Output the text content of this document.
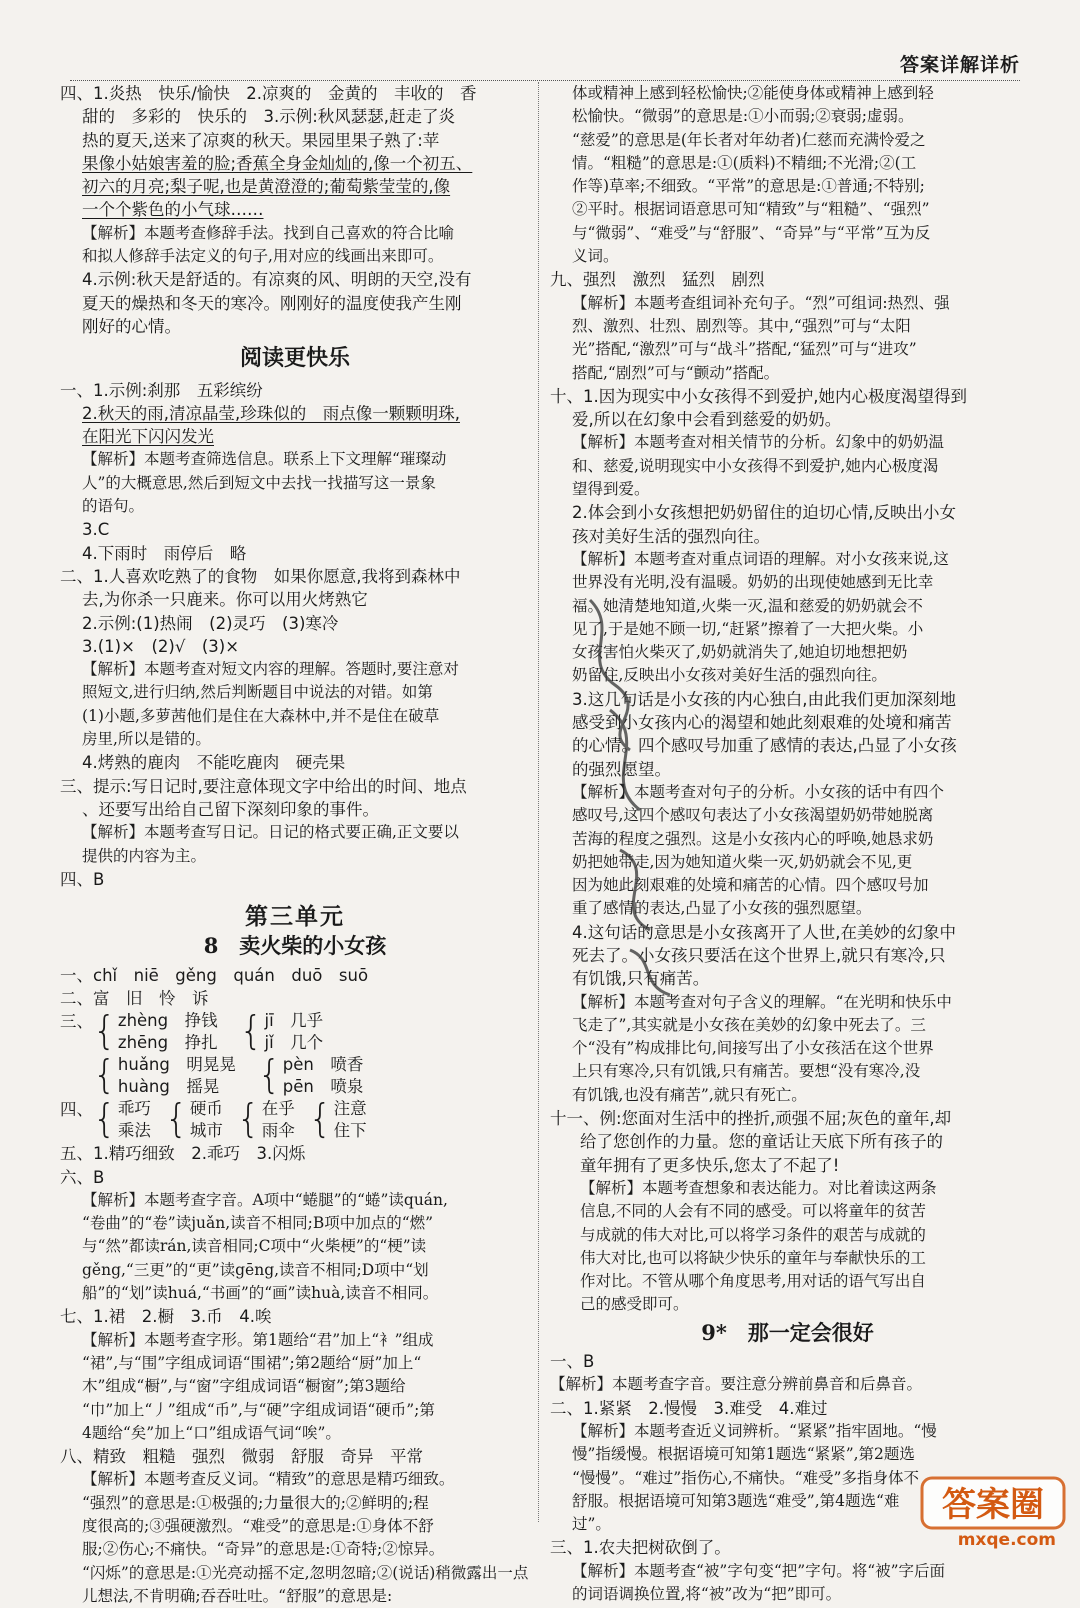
答案详解详析
四、1.炎热　快乐/愉快　2.凉爽的　金黄的　丰收的　香
甜的　多彩的　快乐的　3.示例:秋风瑟瑟,赶走了炎
热的夏天,送来了凉爽的秋天。果园里果子熟了:苹
果像小姑娘害羞的脸;香蕉全身金灿灿的,像一个初五、
初六的月亮;梨子呢,也是黄澄澄的;葡萄紫莹莹的,像
一个个紫色的小气球……
【解析】本题考查修辞手法。找到自己喜欢的符合比喻
和拟人修辞手法定义的句子,用对应的线画出来即可。
4.示例:秋天是舒适的。有凉爽的风、明朗的天空,没有
夏天的燥热和冬天的寒冷。刚刚好的温度使我产生刚
刚好的心情。
阅读更快乐
一、1.示例:刹那　五彩缤纷
2.秋天的雨,清凉晶莹,珍珠似的　雨点像一颗颗明珠,
在阳光下闪闪发光
【解析】本题考查筛选信息。联系上下文理解“璀璨动
人”的大概意思,然后到短文中去找一找描写这一景象
的语句。
3.C
4.下雨时　雨停后　略
二、1.人喜欢吃熟了的食物　如果你愿意,我将到森林中
去,为你杀一只鹿来。你可以用火烤熟它
2.示例:(1)热闹　(2)灵巧　(3)寒冷
3.(1)×　(2)√　(3)×
【解析】本题考查对短文内容的理解。答题时,要注意对
照短文,进行归纳,然后判断题目中说法的对错。如第
(1)小题,多萝茜他们是住在大森林中,并不是住在破草
房里,所以是错的。
4.烤熟的鹿肉　不能吃鹿肉　硬壳果
三、提示:写日记时,要注意体现文字中给出的时间、地点
、还要写出给自己留下深刻印象的事件。
【解析】本题考查写日记。日记的格式要正确,正文要以
提供的内容为主。
四、B
第三单元
8　卖火柴的小女孩
一、chǐ　niē　gěng　quán　duō　suō
二、富　旧　怜　诉
三、 { zhèng　挣钱
zhēng　挣扎 { jī　几乎
jǐ　几个
{ huǎng　明晃晃
huàng　摇晃	{ pèn　喷香
pēn　喷泉
四、 { 乖巧
乘法 { 硬币
城市 { 在乎
雨伞 { 注意
住下
五、1.精巧细致　2.乖巧　3.闪烁
六、B
【解析】本题考查字音。A项中“蜷腿”的“蜷”读quán,
“卷曲”的“卷”读juǎn,读音不相同;B项中加点的“燃”
与“然”都读rán,读音相同;C项中“火柴梗”的“梗”读
gěng,“三更”的“更”读gēng,读音不相同;D项中“划
船”的“划”读huá,“书画”的“画”读huà,读音不相同。
七、1.裙　2.橱　3.币　4.唉
【解析】本题考查字形。第1题给“君”加上“衤”组成
“裙”,与“围”字组成词语“围裙”;第2题给“厨”加上“
木”组成“橱”,与“窗”字组成词语“橱窗”;第3题给
“巾”加上“丿”组成“币”,与“硬”字组成词语“硬币”;第
4题给“矣”加上“口”组成语气词“唉”。
八、精致　粗糙　强烈　微弱　舒服　奇异　平常
【解析】本题考查反义词。“精致”的意思是精巧细致。
“强烈”的意思是:①极强的;力量很大的;②鲜明的;程
度很高的;③强硬激烈。“难受”的意思是:①身体不舒
服;②伤心;不痛快。“奇异”的意思是:①奇特;②惊异。
“闪烁”的意思是:①光亮动摇不定,忽明忽暗;②(说话)稍微露出一点
儿想法,不肯明确;吞吞吐吐。“舒服”的意思是:
体或精神上感到轻松愉快;②能使身体或精神上感到轻
松愉快。“微弱”的意思是:①小而弱;②衰弱;虚弱。
“慈爱”的意思是(年长者对年幼者)仁慈而充满怜爱之
情。“粗糙”的意思是:①(质料)不精细;不光滑;②(工
作等)草率;不细致。“平常”的意思是:①普通;不特别;
②平时。根据词语意思可知“精致”与“粗糙”、“强烈”
与“微弱”、“难受”与“舒服”、“奇异”与“平常”互为反
义词。
九、强烈　激烈　猛烈　剧烈
【解析】本题考查组词补充句子。“烈”可组词:热烈、强
烈、激烈、壮烈、剧烈等。其中,“强烈”可与“太阳
光”搭配,“激烈”可与“战斗”搭配,“猛烈”可与“进攻”
搭配,“剧烈”可与“颤动”搭配。
十、1.因为现实中小女孩得不到爱护,她内心极度渴望得到
爱,所以在幻象中会看到慈爱的奶奶。
【解析】本题考查对相关情节的分析。幻象中的奶奶温
和、慈爱,说明现实中小女孩得不到爱护,她内心极度渴
望得到爱。
2.体会到小女孩想把奶奶留住的迫切心情,反映出小女
孩对美好生活的强烈向往。
【解析】本题考查对重点词语的理解。对小女孩来说,这
世界没有光明,没有温暖。奶奶的出现使她感到无比幸
福。她清楚地知道,火柴一灭,温和慈爱的奶奶就会不
见了,于是她不顾一切,“赶紧”擦着了一大把火柴。小
女孩害怕火柴灭了,奶奶就消失了,她迫切地想把奶
奶留住,反映出小女孩对美好生活的强烈向往。
3.这几句话是小女孩的内心独白,由此我们更加深刻地
感受到小女孩内心的渴望和她此刻艰难的处境和痛苦
的心情。四个感叹号加重了感情的表达,凸显了小女孩
的强烈愿望。
【解析】本题考查对句子的分析。小女孩的话中有四个
感叹号,这四个感叹句表达了小女孩渴望奶奶带她脱离
苦海的程度之强烈。这是小女孩内心的呼唤,她恳求奶
奶把她带走,因为她知道火柴一灭,奶奶就会不见,更
因为她此刻艰难的处境和痛苦的心情。四个感叹号加
重了感情的表达,凸显了小女孩的强烈愿望。
4.这句话的意思是小女孩离开了人世,在美妙的幻象中
死去了。小女孩只要活在这个世界上,就只有寒冷,只
有饥饿,只有痛苦。
【解析】本题考查对句子含义的理解。“在光明和快乐中
飞走了”,其实就是小女孩在美妙的幻象中死去了。三
个“没有”构成排比句,间接写出了小女孩活在这个世界
上只有寒冷,只有饥饿,只有痛苦。要想“没有寒冷,没
有饥饿,也没有痛苦”,就只有死亡。
十一、例:您面对生活中的挫折,顽强不屈;灰色的童年,却
给了您创作的力量。您的童话让天底下所有孩子的
童年拥有了更多快乐,您太了不起了!
【解析】本题考查想象和表达能力。对比着读这两条
信息,不同的人会有不同的感受。可以将童年的贫苦
与成就的伟大对比,可以将学习条件的艰苦与成就的
伟大对比,也可以将缺少快乐的童年与奉献快乐的工
作对比。不管从哪个角度思考,用对话的语气写出自
己的感受即可。
9*　那一定会很好
一、B
【解析】本题考查字音。要注意分辨前鼻音和后鼻音。
二、1.紧紧　2.慢慢　3.难受　4.难过
【解析】本题考查近义词辨析。“紧紧”指牢固地。“慢
慢”指缓慢。根据语境可知第1题选“紧紧”,第2题选
“慢慢”。“难过”指伤心,不痛快。“难受”多指身体不
舒服。根据语境可知第3题选“难受”,第4题选“难
过”。
三、1.农夫把树砍倒了。
【解析】本题考查“被”字句变“把”字句。将“被”字后面
的词语调换位置,将“被”改为“把”即可。
答案圈
mxqe.com
